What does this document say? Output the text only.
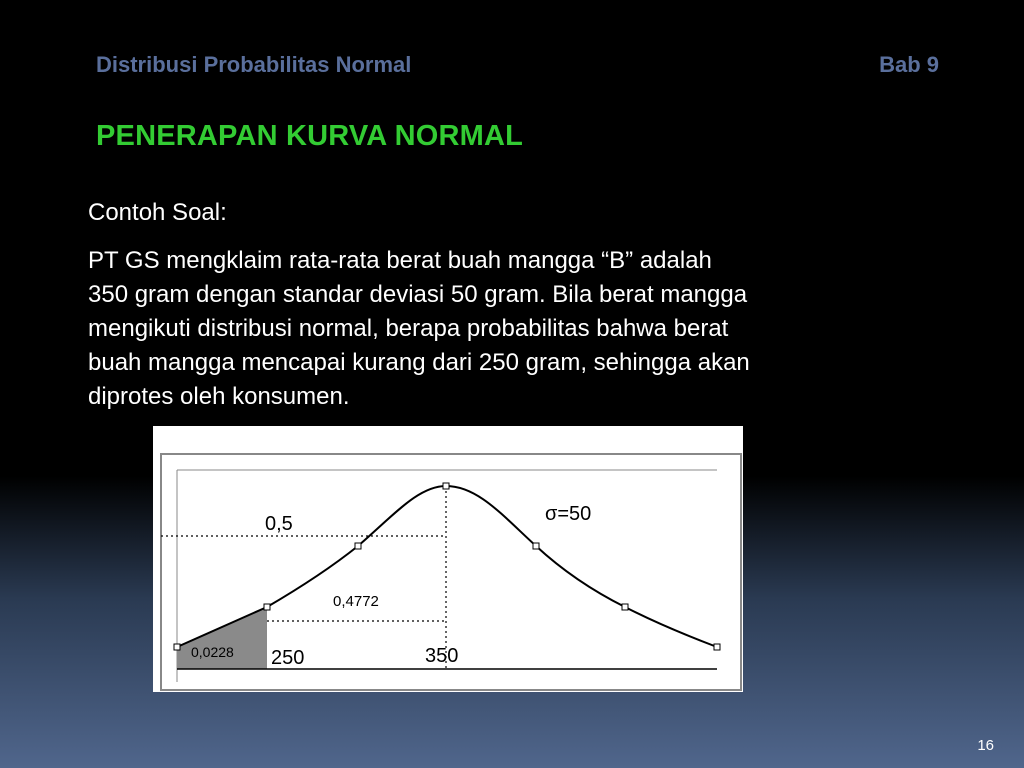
Distribusi Probabilitas Normal	Bab 9
PENERAPAN KURVA NORMAL

Contoh Soal:

PT GS mengklaim rata-rata berat buah mangga “B” adalah
350 gram dengan standar deviasi 50 gram. Bila berat mangga
mengikuti distribusi normal, berapa probabilitas bahwa berat
buah mangga mencapai kurang dari 250 gram, sehingga akan
diprotes oleh konsumen.

0,5	σ=50
0,4772
0,0228 250	350
16
